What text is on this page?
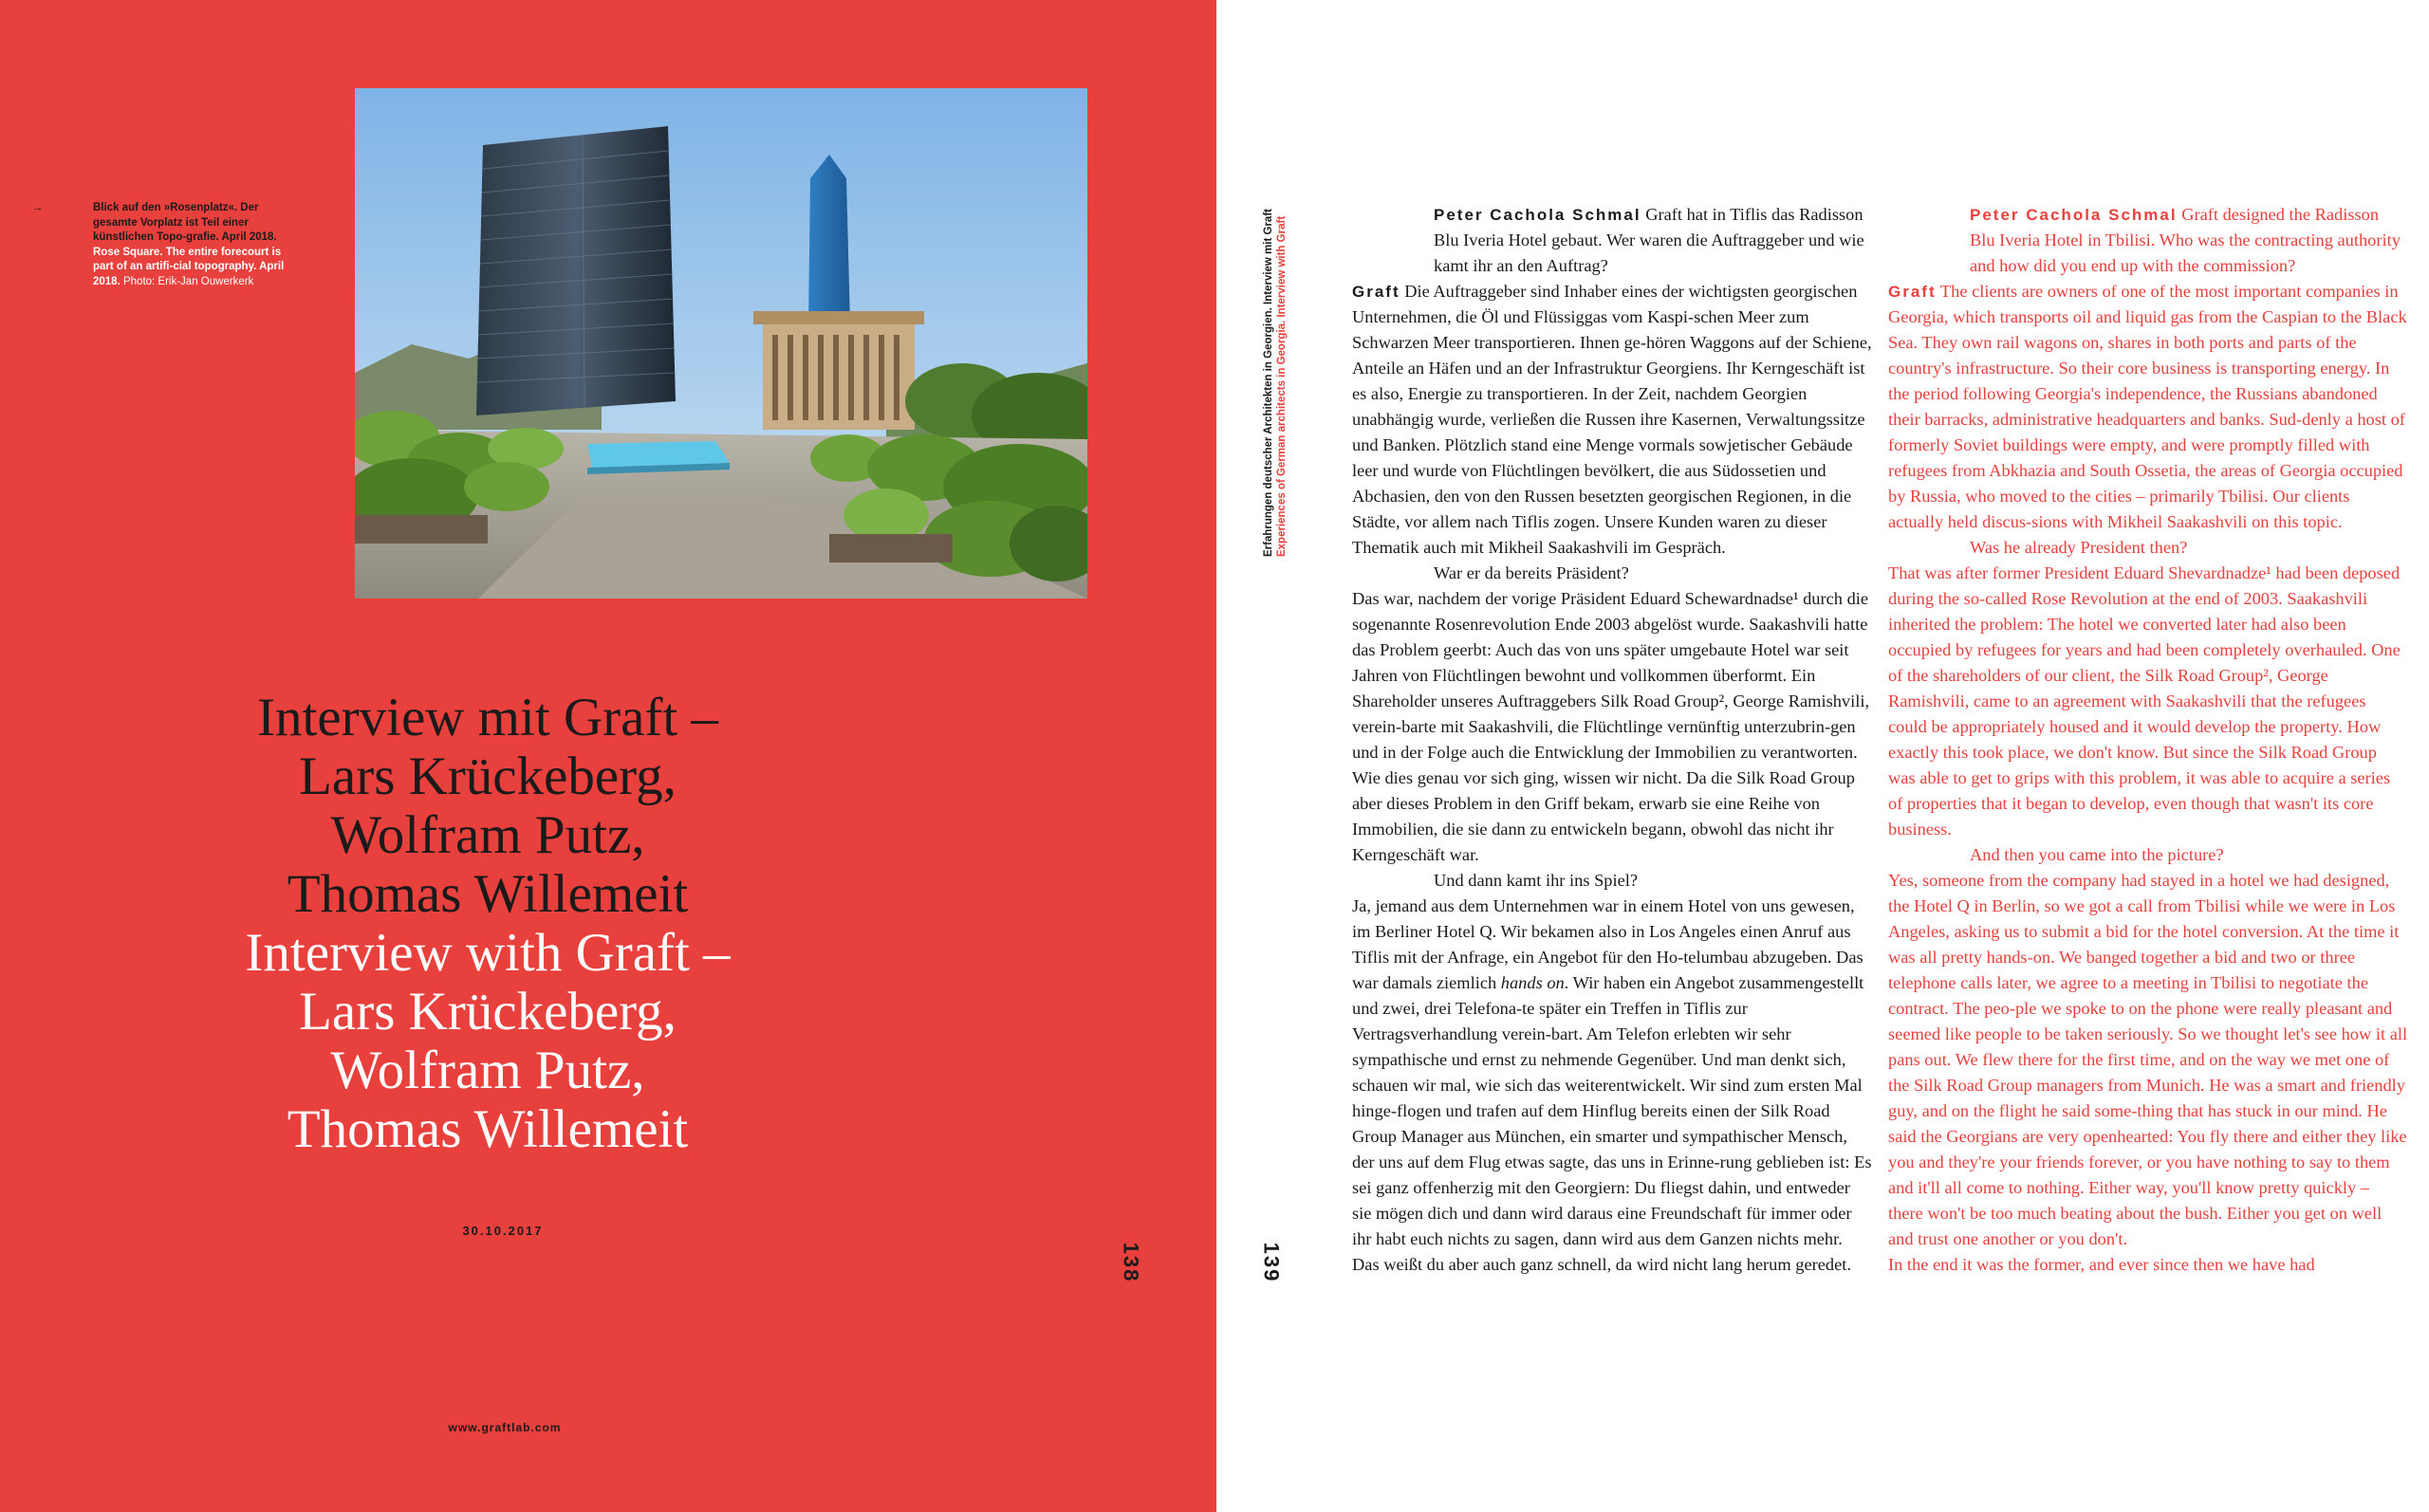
→	Blick auf den »Rosenplatz«. Der gesamte Vorplatz ist Teil einer künstlichen Topo-grafie. April 2018. Rose Square. The entire forecourt is part of an artifi-cial topography. April 2018. Photo: Erik-Jan Ouwerkerk
Interview mit Graft –
Lars Krückeberg,
Wolfram Putz,
Thomas Willemeit
Interview with Graft –
Lars Krückeberg,
Wolfram Putz,
Thomas Willemeit
30.10.2017
www.graftlab.com
138	139
Erfahrungen deutscher Architekten in Georgien. Interview mit Graft Experiences of German architects in Georgia. Interview with Graft

Peter Cachola Schmal Graft hat in Tiflis das Radisson Blu Iveria Hotel gebaut. Wer waren die Auftraggeber und wie kamt ihr an den Auftrag?

Graft Die Auftraggeber sind Inhaber eines der wichtigsten georgischen Unternehmen, die Öl und Flüssiggas vom Kaspi-schen Meer zum Schwarzen Meer transportieren. Ihnen ge-hören Waggons auf der Schiene, Anteile an Häfen und an der Infrastruktur Georgiens. Ihr Kerngeschäft ist es also, Energie zu transportieren. In der Zeit, nachdem Georgien unabhängig wurde, verließen die Russen ihre Kasernen, Verwaltungssitze und Banken. Plötzlich stand eine Menge vormals sowjetischer Gebäude leer und wurde von Flüchtlingen bevölkert, die aus Südossetien und Abchasien, den von den Russen besetzten georgischen Regionen, in die Städte, vor allem nach Tiflis zogen. Unsere Kunden waren zu dieser Thematik auch mit Mikheil Saakashvili im Gespräch.

War er da bereits Präsident?

Das war, nachdem der vorige Präsident Eduard Schewardnadse¹ durch die sogenannte Rosenrevolution Ende 2003 abgelöst wurde. Saakashvili hatte das Problem geerbt: Auch das von uns später umgebaute Hotel war seit Jahren von Flüchtlingen bewohnt und vollkommen überformt. Ein Shareholder unseres Auftraggebers Silk Road Group², George Ramishvili, verein-barte mit Saakashvili, die Flüchtlinge vernünftig unterzubrin-gen und in der Folge auch die Entwicklung der Immobilien zu verantworten. Wie dies genau vor sich ging, wissen wir nicht. Da die Silk Road Group aber dieses Problem in den Griff bekam, erwarb sie eine Reihe von Immobilien, die sie dann zu entwickeln begann, obwohl das nicht ihr Kerngeschäft war.

Und dann kamt ihr ins Spiel?

Ja, jemand aus dem Unternehmen war in einem Hotel von uns gewesen, im Berliner Hotel Q. Wir bekamen also in Los Angeles einen Anruf aus Tiflis mit der Anfrage, ein Angebot für den Ho-telumbau abzugeben. Das war damals ziemlich hands on. Wir haben ein Angebot zusammengestellt und zwei, drei Telefona-te später ein Treffen in Tiflis zur Vertragsverhandlung verein-bart. Am Telefon erlebten wir sehr sympathische und ernst zu nehmende Gegenüber. Und man denkt sich, schauen wir mal, wie sich das weiterentwickelt. Wir sind zum ersten Mal hinge-flogen und trafen auf dem Hinflug bereits einen der Silk Road Group Manager aus München, ein smarter und sympathischer Mensch, der uns auf dem Flug etwas sagte, das uns in Erinne-rung geblieben ist: Es sei ganz offenherzig mit den Georgiern: Du fliegst dahin, und entweder sie mögen dich und dann wird daraus eine Freundschaft für immer oder ihr habt euch nichts zu sagen, dann wird aus dem Ganzen nichts mehr. Das weißt du aber auch ganz schnell, da wird nicht lang herum geredet.

Peter Cachola Schmal Graft designed the Radisson Blu Iveria Hotel in Tbilisi. Who was the contracting authority and how did you end up with the commission?

Graft The clients are owners of one of the most important companies in Georgia, which transports oil and liquid gas from the Caspian to the Black Sea. They own rail wagons on, shares in both ports and parts of the country's infrastructure. So their core business is transporting energy. In the period following Georgia's independence, the Russians abandoned their barracks, administrative headquarters and banks. Sud-denly a host of formerly Soviet buildings were empty, and were promptly filled with refugees from Abkhazia and South Ossetia, the areas of Georgia occupied by Russia, who moved to the cities – primarily Tbilisi. Our clients actually held discus-sions with Mikheil Saakashvili on this topic.

Was he already President then?

That was after former President Eduard Shevardnadze¹ had been deposed during the so-called Rose Revolution at the end of 2003. Saakashvili inherited the problem: The hotel we converted later had also been occupied by refugees for years and had been completely overhauled. One of the shareholders of our client, the Silk Road Group², George Ramishvili, came to an agreement with Saakashvili that the refugees could be appropriately housed and it would develop the property. How exactly this took place, we don't know. But since the Silk Road Group was able to get to grips with this problem, it was able to acquire a series of properties that it began to develop, even though that wasn't its core business.

And then you came into the picture?

Yes, someone from the company had stayed in a hotel we had designed, the Hotel Q in Berlin, so we got a call from Tbilisi while we were in Los Angeles, asking us to submit a bid for the hotel conversion. At the time it was all pretty hands-on. We banged together a bid and two or three telephone calls later, we agree to a meeting in Tbilisi to negotiate the contract. The peo-ple we spoke to on the phone were really pleasant and seemed like people to be taken seriously. So we thought let's see how it all pans out. We flew there for the first time, and on the way we met one of the Silk Road Group managers from Munich. He was a smart and friendly guy, and on the flight he said some-thing that has stuck in our mind. He said the Georgians are very openhearted: You fly there and either they like you and they're your friends forever, or you have nothing to say to them and it'll all come to nothing. Either way, you'll know pretty quickly – there won't be too much beating about the bush. Either you get on well and trust one another or you don't.

In the end it was the former, and ever since then we have had
